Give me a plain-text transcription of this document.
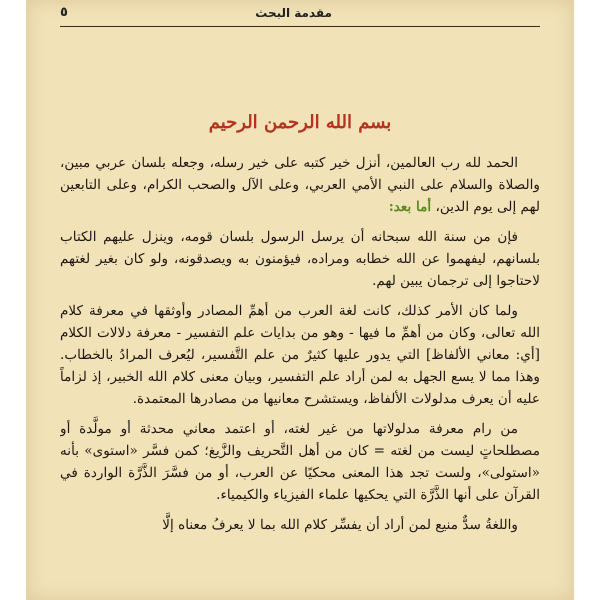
مقدمة البحث
٥
بسم الله الرحمن الرحيم

الحمد لله رب العالمين، أنزل خير كتبه على خير رسله، وجعله بلسان عربي مبين، والصلاة والسلام على النبي الأمي العربي، وعلى الآل والصحب الكرام، وعلى التابعين لهم إلى يوم الدين، أما بعد:

فإن من سنة الله سبحانه أن يرسل الرسول بلسان قومه، وينزل عليهم الكتاب بلسانهم، ليفهموا عن الله خطابه ومراده، فيؤمنون به ويصدقونه، ولو كان بغير لغتهم لاحتاجوا إلى ترجمان يبين لهم.

ولما كان الأمر كذلك، كانت لغة العرب من أهمِّ المصادر وأوثقها في معرفة كلام الله تعالى، وكان من أهمِّ ما فيها - وهو من بدايات علم التفسير - معرفة دلالات الكلام [أي: معاني الألفاظ] التي يدور عليها كثيرٌ من علم التَّفسير، ليُعرف المرادُ بالخطاب. وهذا مما لا يسع الجهل به لمن أراد علم التفسير، وبيان معنى كلام الله الخبير، إذ لزاماً عليه أن يعرف مدلولات الألفاظ، ويستشرح معانيها من مصادرها المعتمدة.

من رام معرفة مدلولاتها من غير لغته، أو اعتمد معاني محدثة أو مولَّدة أو مصطلحاتٍ ليست من لغته = كان من أهل التَّحريف والزَّيغ؛ كمن فسَّر «استوى» بأنه «استولى»، ولست تجد هذا المعنى محكيًا عن العرب، أو من فسَّرَ الذَّرَّة الواردة في القرآن على أنها الذَّرَّة التي يحكيها علماء الفيزياء والكيمياء.

واللغةُ سدٌّ منيع لمن أراد أن يفسِّر كلام الله بما لا يعرفُ معناه إلَّا
